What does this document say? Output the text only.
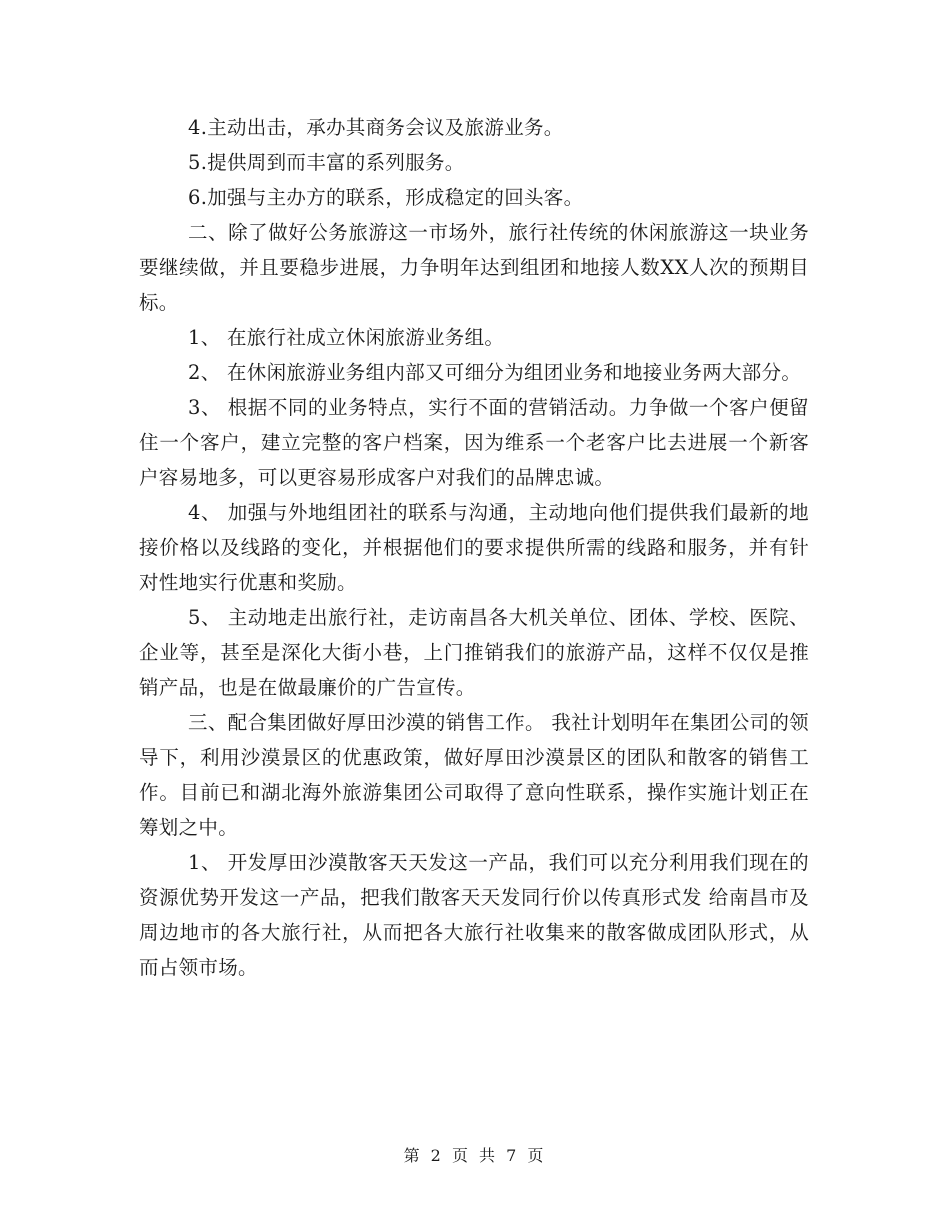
4.主动出击，承办其商务会议及旅游业务。

5.提供周到而丰富的系列服务。

6.加强与主办方的联系，形成稳定的回头客。

二、除了做好公务旅游这一市场外，旅行社传统的休闲旅游这一块业务要继续做，并且要稳步进展，力争明年达到组团和地接人数XX人次的预期目标。

1、 在旅行社成立休闲旅游业务组。

2、 在休闲旅游业务组内部又可细分为组团业务和地接业务两大部分。

3、 根据不同的业务特点，实行不面的营销活动。力争做一个客户便留住一个客户，建立完整的客户档案，因为维系一个老客户比去进展一个新客户容易地多，可以更容易形成客户对我们的品牌忠诚。

4、 加强与外地组团社的联系与沟通，主动地向他们提供我们最新的地接价格以及线路的变化，并根据他们的要求提供所需的线路和服务，并有针对性地实行优惠和奖励。

5、 主动地走出旅行社，走访南昌各大机关单位、团体、学校、医院、企业等，甚至是深化大街小巷，上门推销我们的旅游产品，这样不仅仅是推销产品，也是在做最廉价的广告宣传。

三、配合集团做好厚田沙漠的销售工作。 我社计划明年在集团公司的领导下，利用沙漠景区的优惠政策，做好厚田沙漠景区的团队和散客的销售工作。目前已和湖北海外旅游集团公司取得了意向性联系，操作实施计划正在筹划之中。

1、 开发厚田沙漠散客天天发这一产品，我们可以充分利用我们现在的资源优势开发这一产品，把我们散客天天发同行价以传真形式发 给南昌市及周边地市的各大旅行社，从而把各大旅行社收集来的散客做成团队形式，从而占领市场。

第 2 页 共 7 页
